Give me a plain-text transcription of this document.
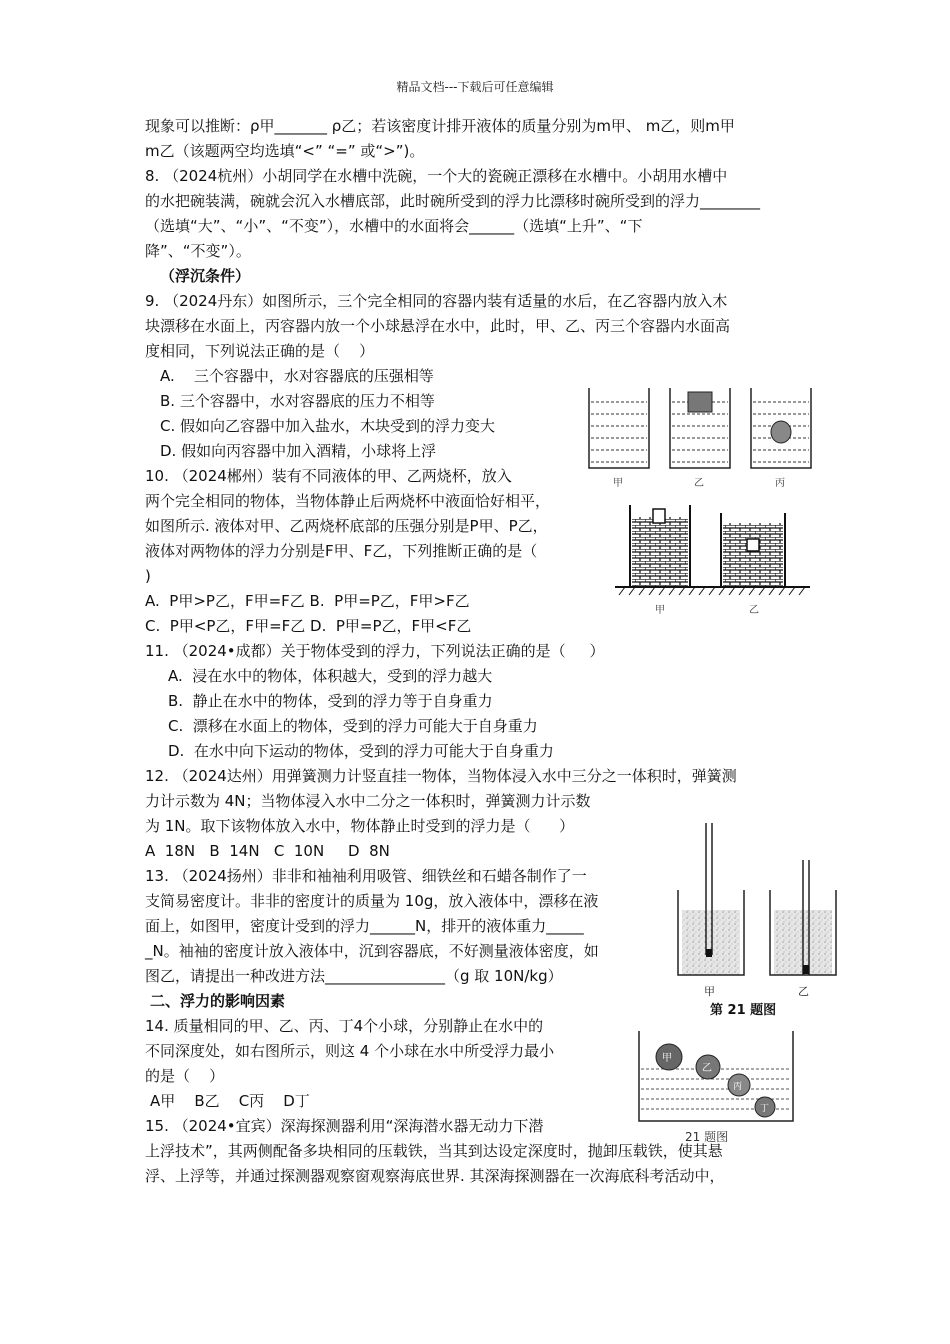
精品文档---下载后可任意编辑
现象可以推断：ρ甲_______ ρ乙；若该密度计排开液体的质量分别为m甲、 m乙，则m甲
m乙（该题两空均选填“<” “=” 或“>”)。
8. （2024杭州）小胡同学在水槽中洗碗，一个大的瓷碗正漂移在水槽中。小胡用水槽中
的水把碗装满，碗就会沉入水槽底部，此时碗所受到的浮力比漂移时碗所受到的浮力________
（选填“大”、“小”、“不变”），水槽中的水面将会______（选填“上升”、“下
降”、“不变”）。
（浮沉条件）
9. （2024丹东）如图所示，三个完全相同的容器内装有适量的水后，在乙容器内放入木
块漂移在水面上，丙容器内放一个小球悬浮在水中，此时，甲、乙、丙三个容器内水面高
度相同，下列说法正确的是（    ）
A.    三个容器中，水对容器底的压强相等
B. 三个容器中，水对容器底的压力不相等
C. 假如向乙容器中加入盐水，木块受到的浮力变大
D. 假如向丙容器中加入酒精，小球将上浮
10. （2024郴州）装有不同液体的甲、乙两烧杯，放入
两个完全相同的物体，当物体静止后两烧杯中液面恰好相平，
如图所示. 液体对甲、乙两烧杯底部的压强分别是P甲、P乙，
液体对两物体的浮力分别是F甲、F乙，下列推断正确的是（
)
A.  P甲>P乙，F甲=F乙 B.  P甲=P乙，F甲>F乙
C.  P甲<P乙，F甲=F乙 D.  P甲=P乙，F甲<F乙
11. （2024•成都）关于物体受到的浮力，下列说法正确的是（     ）
A.  浸在水中的物体，体积越大，受到的浮力越大
B.  静止在水中的物体，受到的浮力等于自身重力
C.  漂移在水面上的物体，受到的浮力可能大于自身重力
D.  在水中向下运动的物体，受到的浮力可能大于自身重力
12. （2024达州）用弹簧测力计竖直挂一物体，当物体浸入水中三分之一体积时，弹簧测
力计示数为 4N；当物体浸入水中二分之一体积时，弹簧测力计示数
为 1N。取下该物体放入水中，物体静止时受到的浮力是（      ）
A  18N   B  14N   C  10N     D  8N
13. （2024扬州）非非和袖袖利用吸管、细铁丝和石蜡各制作了一
支简易密度计。非非的密度计的质量为 10g，放入液体中，漂移在液
面上，如图甲，密度计受到的浮力______N，排开的液体重力_____
_N。袖袖的密度计放入液体中，沉到容器底，不好测量液体密度，如
图乙，请提出一种改进方法________________（g 取 10N/kg）
二、浮力的影响因素
14. 质量相同的甲、乙、丙、丁4个小球，分别静止在水中的
不同深度处，如右图所示，则这 4 个小球在水中所受浮力最小
的是（    ）
A甲    B乙    C丙    D丁
15. （2024•宜宾）深海探测器利用“深海潜水器无动力下潜
上浮技术”，其两侧配备多块相同的压载铁，当其到达设定深度时，抛卸压载铁，使其悬
浮、上浮等，并通过探测器观察窗观察海底世界. 其深海探测器在一次海底科考活动中，
甲	乙	丙
甲	乙
甲	乙
第 21 题图
甲
乙
丙
丁
21 题图
